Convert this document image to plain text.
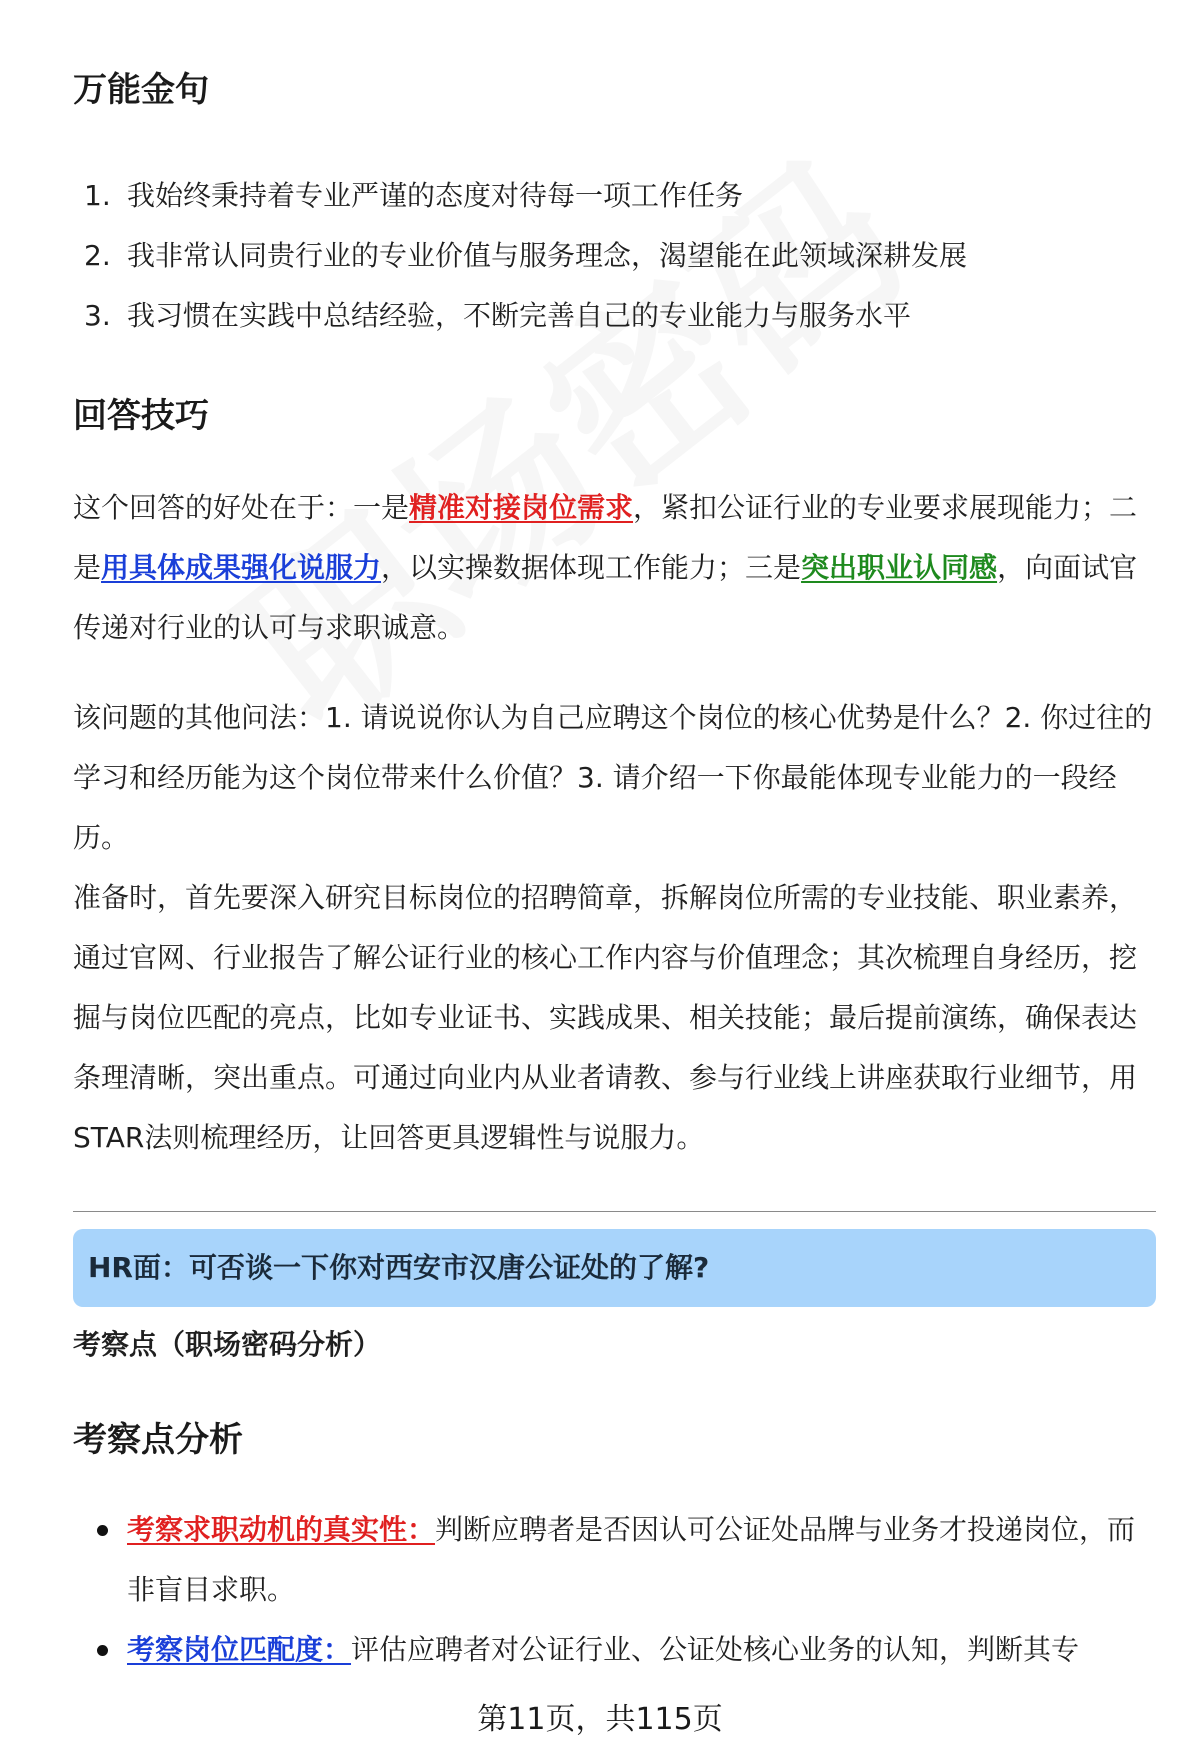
万能金句
1. 我始终秉持着专业严谨的态度对待每一项工作任务
2. 我非常认同贵行业的专业价值与服务理念，渴望能在此领域深耕发展
3. 我习惯在实践中总结经验，不断完善自己的专业能力与服务水平
回答技巧

这个回答的好处在于：一是精准对接岗位需求，紧扣公证行业的专业要求展现能力；二是用具体成果强化说服力，以实操数据体现工作能力；三是突出职业认同感，向面试官传递对行业的认可与求职诚意。

该问题的其他问法：1. 请说说你认为自己应聘这个岗位的核心优势是什么？2. 你过往的学习和经历能为这个岗位带来什么价值？3. 请介绍一下你最能体现专业能力的一段经历。

准备时，首先要深入研究目标岗位的招聘简章，拆解岗位所需的专业技能、职业素养，通过官网、行业报告了解公证行业的核心工作内容与价值理念；其次梳理自身经历，挖掘与岗位匹配的亮点，比如专业证书、实践成果、相关技能；最后提前演练，确保表达条理清晰，突出重点。可通过向业内从业者请教、参与行业线上讲座获取行业细节，用STAR法则梳理经历，让回答更具逻辑性与说服力。

HR面：可否谈一下你对西安市汉唐公证处的了解?
考察点（职场密码分析）
考察点分析
考察求职动机的真实性：判断应聘者是否因认可公证处品牌与业务才投递岗位，而非盲目求职。
考察岗位匹配度：评估应聘者对公证行业、公证处核心业务的认知，判断其专
第11页，共115页
